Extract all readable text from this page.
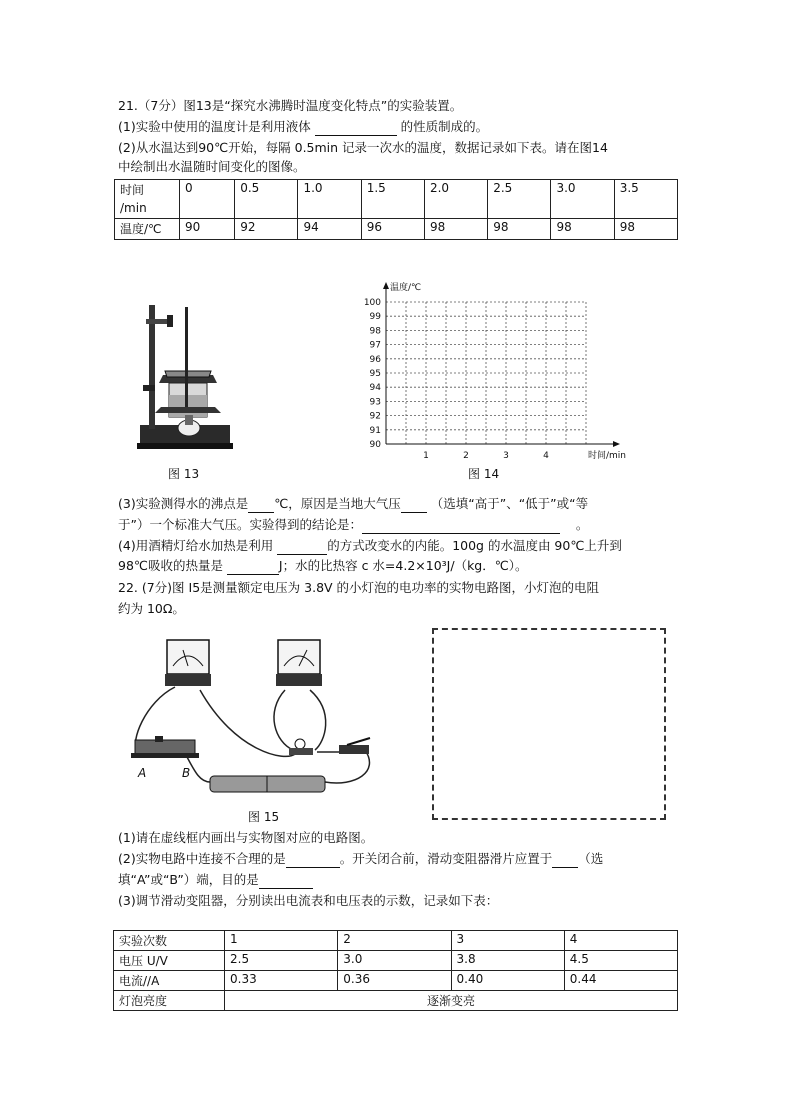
21.（7分）图13是“探究水沸腾时温度变化特点”的实验装置。
(1)实验中使用的温度计是利用液体	的性质制成的。
(2)从水温达到90℃开始，每隔 0.5min 记录一次水的温度，数据记录如下表。请在图14
中绘制出水温随时间变化的图像。
时间
/min	0	0.5	1.0	1.5	2.0	2.5	3.0	3.5
温度/℃	90	92	94	96	98	98	98	98
图 13
90
91
92
93
94
95
96
97
98
99
100
1	2	3	4
温度/℃
时间/min
图 14
(3)实验测得水的沸点是 ℃，原因是当地大气压 （选填“高于”、“低于”或“等
于”）一个标准大气压。实验得到的结论是：	。
(4)用酒精灯给水加热是利用	的方式改变水的内能。100g 的水温度由 90℃上升到
98℃吸收的热量是	J；水的比热容 c 水=4.2×10³J/（kg．℃）。
22. (7分)图 I5是测量额定电压为 3.8V 的小灯泡的电功率的实物电路图，小灯泡的电阻
约为 10Ω。
A	B
图 15
(1)请在虚线框内画出与实物图对应的电路图。
(2)实物电路中连接不合理的是	。开关闭合前，滑动变阻器滑片应置于 （选
填“A”或“B”）端，目的是
(3)调节滑动变阻器，分别读出电流表和电压表的示数，记录如下表：
实验次数	1	2	3	4
电压 U/V	2.5	3.0	3.8	4.5
电流//A	0.33	0.36	0.40	0.44
灯泡亮度	逐渐变亮			
